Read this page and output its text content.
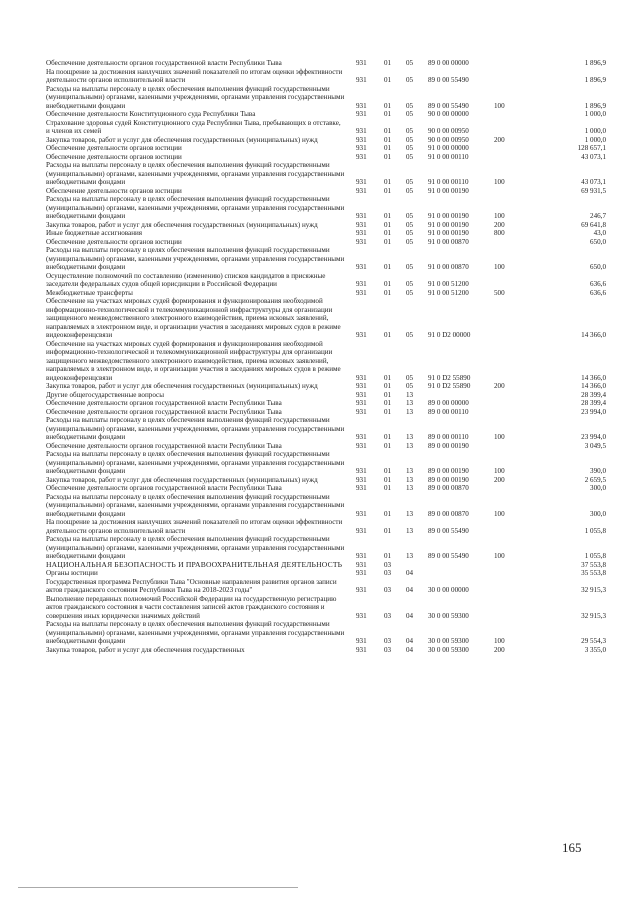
Обеспечение деятельности органов государственной власти Республики Тыва	931	01	05	89 0 00 00000	1 896,9
На поощрение за достижения наилучших значений показателей по итогам оценки эффективности деятельности органов исполнительной власти	931	01	05	89 0 00 55490	1 896,9
Расходы на выплаты персоналу в целях обеспечения выполнения функций государственными (муниципальными) органами, казенными учреждениями, органами управления государственными внебюджетными фондами	931	01	05	89 0 00 55490	100	1 896,9
Обеспечение деятельности Конституционного суда Республики Тыва	931	01	05	90 0 00 00000	1 000,0
Страхование здоровья судей Конституционного суда Республики Тыва, пребывающих в отставке, и членов их семей	931	01	05	90 0 00 00950	1 000,0
Закупка товаров, работ и услуг для обеспечения государственных (муниципальных) нужд	931	01	05	90 0 00 00950	200	1 000,0
Обеспечение деятельности органов юстиции	931	01	05	91 0 00 00000	128 657,1
Обеспечение деятельности органов юстиции	931	01	05	91 0 00 00110	43 073,1
Расходы на выплаты персоналу в целях обеспечения выполнения функций государственными (муниципальными) органами, казенными учреждениями, органами управления государственными внебюджетными фондами	931	01	05	91 0 00 00110	100	43 073,1
Обеспечение деятельности органов юстиции	931	01	05	91 0 00 00190	69 931,5
Расходы на выплаты персоналу в целях обеспечения выполнения функций государственными (муниципальными) органами, казенными учреждениями, органами управления государственными внебюджетными фондами	931	01	05	91 0 00 00190	100	246,7
Закупка товаров, работ и услуг для обеспечения государственных (муниципальных) нужд	931	01	05	91 0 00 00190	200	69 641,8
Иные бюджетные ассигнования	931	01	05	91 0 00 00190	800	43,0
Обеспечение деятельности органов юстиции	931	01	05	91 0 00 00870	650,0
Расходы на выплаты персоналу в целях обеспечения выполнения функций государственными (муниципальными) органами, казенными учреждениями, органами управления государственными внебюджетными фондами	931	01	05	91 0 00 00870	100	650,0
Осуществление полномочий по составлению (изменению) списков кандидатов в присяжные заседатели федеральных судов общей юрисдикции в Российской Федерации	931	01	05	91 0 00 51200	636,6
Межбюджетные трансферты	931	01	05	91 0 00 51200	500	636,6
Обеспечение на участках мировых судей формирования и функционирования необходимой информационно-технологической и телекоммуникационной инфраструктуры для организации защищенного межведомственного электронного взаимодействия, приема исковых заявлений, направляемых в электронном виде, и организации участия в заседаниях мировых судов в режиме видеоконференцсвязи	931	01	05	91 0 D2 00000	14 366,0
Обеспечение на участках мировых судей формирования и функционирования необходимой информационно-технологической и телекоммуникационной инфраструктуры для организации защищенного межведомственного электронного взаимодействия, приема исковых заявлений, направляемых в электронном виде, и организации участия в заседаниях мировых судов в режиме видеоконференцсвязи	931	01	05	91 0 D2 55890	14 366,0
Закупка товаров, работ и услуг для обеспечения государственных (муниципальных) нужд	931	01	05	91 0 D2 55890	200	14 366,0
Другие общегосударственные вопросы	931	01	13	28 399,4
Обеспечение деятельности органов государственной власти Республики Тыва	931	01	13	89 0 00 00000	28 399,4
Обеспечение деятельности органов государственной власти Республики Тыва	931	01	13	89 0 00 00110	23 994,0
Расходы на выплаты персоналу в целях обеспечения выполнения функций государственными (муниципальными) органами, казенными учреждениями, органами управления государственными внебюджетными фондами	931	01	13	89 0 00 00110	100	23 994,0
Обеспечение деятельности органов государственной власти Республики Тыва	931	01	13	89 0 00 00190	3 049,5
Расходы на выплаты персоналу в целях обеспечения выполнения функций государственными (муниципальными) органами, казенными учреждениями, органами управления государственными внебюджетными фондами	931	01	13	89 0 00 00190	100	390,0
Закупка товаров, работ и услуг для обеспечения государственных (муниципальных) нужд	931	01	13	89 0 00 00190	200	2 659,5
Обеспечение деятельности органов государственной власти Республики Тыва	931	01	13	89 0 00 00870	300,0
Расходы на выплаты персоналу в целях обеспечения выполнения функций государственными (муниципальными) органами, казенными учреждениями, органами управления государственными внебюджетными фондами	931	01	13	89 0 00 00870	100	300,0
На поощрение за достижения наилучших значений показателей по итогам оценки эффективности деятельности органов исполнительной власти	931	01	13	89 0 00 55490	1 055,8
Расходы на выплаты персоналу в целях обеспечения выполнения функций государственными (муниципальными) органами, казенными учреждениями, органами управления государственными внебюджетными фондами	931	01	13	89 0 00 55490	100	1 055,8
НАЦИОНАЛЬНАЯ БЕЗОПАСНОСТЬ И ПРАВООХРАНИТЕЛЬНАЯ ДЕЯТЕЛЬНОСТЬ	931	03	37 553,8
Органы юстиции	931	03	04	35 553,8
Государственная программа Республики Тыва "Основные направления развития органов записи актов гражданского состояния Республики Тыва на 2018-2023 годы"	931	03	04	30 0 00 00000	32 915,3
Выполнение переданных полномочий Российской Федерации на государственную регистрацию актов гражданского состояния в части составления записей актов гражданского состояния и совершения иных юридически значимых действий	931	03	04	30 0 00 59300	32 915,3
Расходы на выплаты персоналу в целях обеспечения выполнения функций государственными (муниципальными) органами, казенными учреждениями, органами управления государственными внебюджетными фондами	931	03	04	30 0 00 59300	100	29 554,3
Закупка товаров, работ и услуг для обеспечения государственных	931	03	04	30 0 00 59300	200	3 355,0
165
